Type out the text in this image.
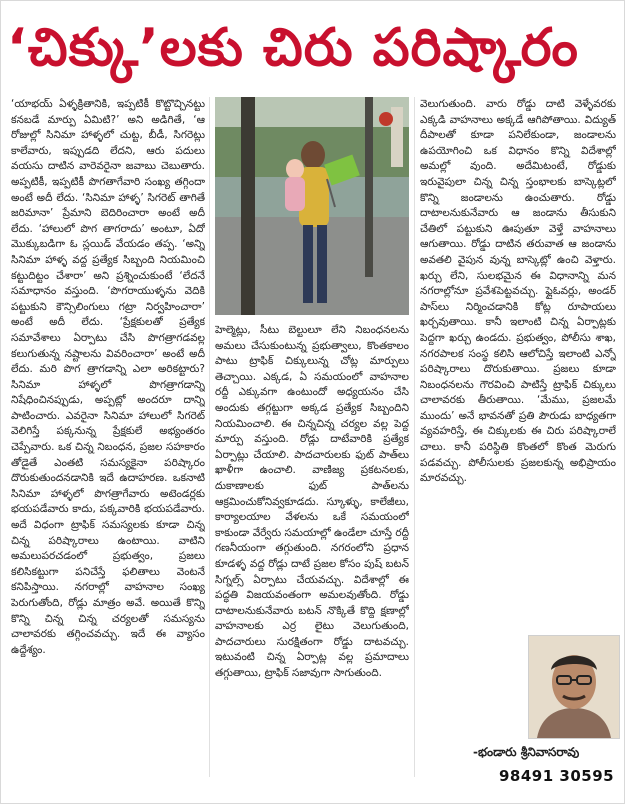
‘చిక్కు’లకు చిరు పరిష్కారం
‘యాభయ్ ఏళ్ళక్రితానికి, ఇప్పటికీ కొట్టొచ్చినట్టు కనబడే మార్పు ఏమిటి?’ అని అడిగితే, ‘ఆ రోజుల్లో సినిమా హాళ్ళలో చుట్ట, బీడీ, సిగరెట్లు కాలేవారు, ఇప్పుడది లేదని, ఆరు పదులు వయసు దాటిన వారెవరైనా జవాబు చెబుతారు. అప్పటికీ, ఇప్పటికీ పొగతాగేవారి సంఖ్య తగ్గిందా అంటే అదీ లేదు. ‘సినిమా హాళ్ళ’ సిగరెట్ తాగితే జరిమానా’ ప్రేమాని బెదిరించారా అంటే అదీ లేదు. ‘హాలులో పొగ తాగరాదు’ అంటూ, ఏదో మొక్కుబడిగా ఓ స్లయిడ్ వేయడం తప్ప. ‘అన్ని సినిమా హాళ్ళ వద్ద ప్రత్యేక సిబ్బంది నియమించి కట్టుదిట్టం చేశారా’ అని ప్రశ్నించుకుంటే ‘లేదనే సమాధానం వస్తుంది. ‘పొగరాయుళ్ళను వెదికి పట్టుకుని కౌన్సిలింగులు గట్రా నిర్వహించారా’ అంటే అదీ లేదు. ‘ప్రేక్షకులతో ప్రత్యేక సమావేశాలు ఏర్పాటు చేసి పొగత్రాగడవల్ల కలుగుతున్న నష్టాలను వివరించారా’ అంటే అదీ లేదు. మరి పొగ త్రాగడాన్ని ఎలా అరికట్టారు? సినిమా హాళ్ళలో పొగత్రాగడాన్ని నిషేధించినప్పుడు, అప్పట్లో అందరూ దాన్ని పాటించారు. ఎవరైనా సినిమా హాలులో సిగరెట్ వెలిగిస్తే పక్కనున్న ప్రేక్షకులే అభ్యంతరం చెప్పేవారు. ఒక చిన్న నిబంధన, ప్రజల సహకారం తోడైతే ఎంతటి సమస్యకైనా పరిష్కారం దొరుకుతుందనడానికి ఇదే ఉదాహరణ. ఒకనాటి సినిమా హాళ్ళలో పొగత్రాగేవారు అటెండర్లకు భయపడేవారు కాదు, పక్కవారికి భయపడేవారు. అదే విధంగా ట్రాఫిక్ సమస్యలకు కూడా చిన్న చిన్న పరిష్కారాలు ఉంటాయి. వాటిని అమలుపరచడంలో ప్రభుత్వం, ప్రజలు కలిసికట్టుగా పనిచేస్తే ఫలితాలు వెంటనే కనిపిస్తాయి. నగరాల్లో వాహనాల సంఖ్య పెరుగుతోంది, రోడ్లు మాత్రం అవే. అయితే కొన్ని కొన్ని చిన్న చిన్న చర్యలతో సమస్యను చాలావరకు తగ్గించవచ్చు. ఇదే ఈ వ్యాసం ఉద్దేశ్యం.
హెల్మెట్లు, సీటు బెల్టులూ లేని నిబంధనలను అమలు చేసుకుంటున్న ప్రభుత్వాలు, కొంతకాలం పాటు ట్రాఫిక్ చిక్కులున్న చోట్ల మార్పులు తెచ్చాయి. ఎక్కడ, ఏ సమయంలో వాహనాల రద్దీ ఎక్కువగా ఉంటుందో అధ్యయనం చేసి అందుకు తగ్గట్టుగా అక్కడ ప్రత్యేక సిబ్బందిని నియమించాలి. ఈ చిన్నచిన్న చర్యల వల్ల పెద్ద మార్పు వస్తుంది. రోడ్లు దాటేవారికి ప్రత్యేక ఏర్పాట్లు చేయాలి. పాదచారులకు ఫుట్ పాత్‌లు ఖాళీగా ఉంచాలి. వాణిజ్య ప్రకటనలకు, దుకాణాలకు ఫుట్ పాత్‌లను ఆక్రమించుకోనివ్వకూడదు. స్కూళ్ళు, కాలేజీలు, కార్యాలయాల వేళలను ఒకే సమయంలో కాకుండా వేర్వేరు సమయాల్లో ఉండేలా చూస్తే రద్దీ గణనీయంగా తగ్గుతుంది. నగరంలోని ప్రధాన కూడళ్ళ వద్ద రోడ్లు దాటే ప్రజల కోసం పుష్ బటన్ సిగ్నల్స్ ఏర్పాటు చేయవచ్చు. విదేశాల్లో ఈ పద్ధతి విజయవంతంగా అమలవుతోంది. రోడ్డు దాటాలనుకునేవారు బటన్ నొక్కితే కొద్ది క్షణాల్లో వాహనాలకు ఎర్ర లైటు వెలుగుతుంది, పాదచారులు సురక్షితంగా రోడ్డు దాటవచ్చు. ఇటువంటి చిన్న ఏర్పాట్ల వల్ల ప్రమాదాలు తగ్గుతాయి, ట్రాఫిక్ సజావుగా సాగుతుంది.
వెలుగుతుంది. వారు రోడ్డు దాటి వెళ్ళేవరకు ఎక్కడి వాహనాలు అక్కడే ఆగిపోతాయి. విద్యుత్ దీపాలతో కూడా పనిలేకుండా, జండాలను ఉపయోగించి ఒక విధానం కొన్ని విదేశాల్లో అమల్లో వుంది. అదేమిటంటే, రోడ్డుకు ఇరువైపులా చిన్న చిన్న స్తంభాలకు బాస్కెట్లలో కొన్ని జండాలను ఉంచుతారు. రోడ్డు దాటాలనుకునేవారు ఆ జండాను తీసుకుని చేతిలో పట్టుకుని ఊపుతూ వెళ్తే వాహనాలు ఆగుతాయి. రోడ్డు దాటిన తరువాత ఆ జండాను అవతలి వైపున వున్న బాస్కెట్లో ఉంచి వెళ్తారు. ఖర్చు లేని, సులభమైన ఈ విధానాన్ని మన నగరాల్లోనూ ప్రవేశపెట్టవచ్చు. ఫ్లైఓవర్లు, అండర్ పాస్‌లు నిర్మించడానికి కోట్ల రూపాయలు ఖర్చవుతాయి. కానీ ఇలాంటి చిన్న ఏర్పాట్లకు పెద్దగా ఖర్చు ఉండదు. ప్రభుత్వం, పోలీసు శాఖ, నగరపాలక సంస్థ కలిసి ఆలోచిస్తే ఇలాంటి ఎన్నో పరిష్కారాలు దొరుకుతాయి. ప్రజలు కూడా నిబంధనలను గౌరవించి పాటిస్తే ట్రాఫిక్ చిక్కులు చాలావరకు తీరుతాయి. ‘మేము, ప్రజలమే ముందు’ అనే భావనతో ప్రతి పౌరుడు బాధ్యతగా వ్యవహరిస్తే, ఈ చిక్కులకు ఈ చిరు పరిష్కారాలే చాలు. కానీ పరిస్థితి కొంతలో కొంత మెరుగు పడవచ్చు. పోలీసులకు ప్రజలకున్న అభిప్రాయం మారవచ్చు.
-భండారు శ్రీనివాసరావు
98491 30595
